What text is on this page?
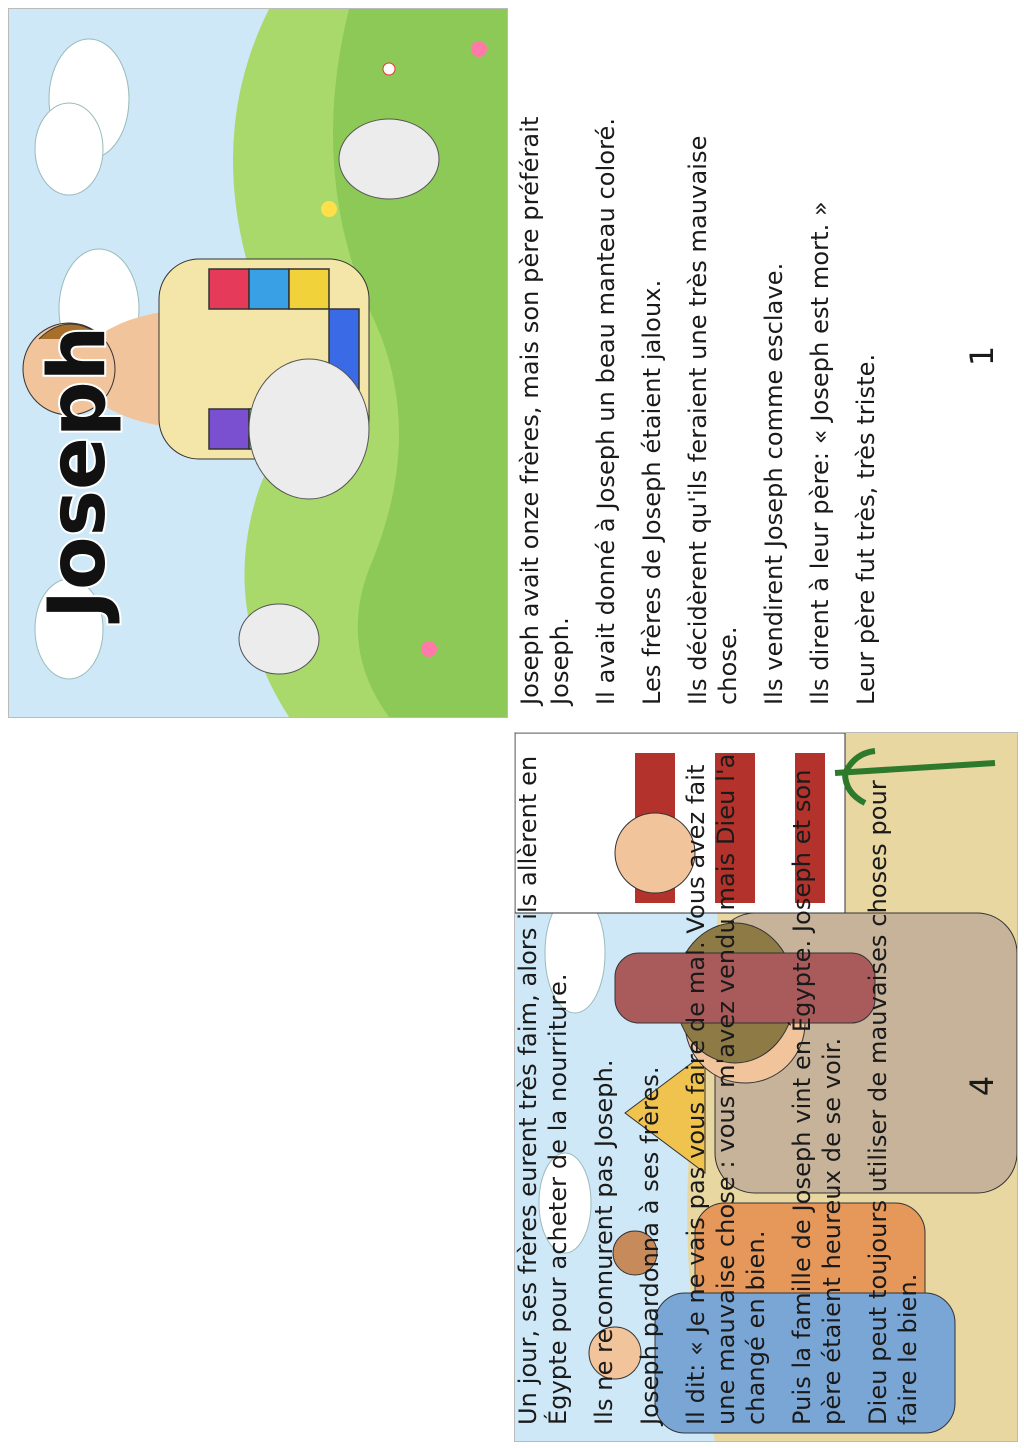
Joseph	Joseph avait onze frères, mais son père préférait Joseph. Il avait donné à Joseph un beau manteau coloré. Les frères de Joseph étaient jaloux. Ils décidèrent qu'ils feraient une très mauvaise chose. Ils vendirent Joseph comme esclave. Ils dirent à leur père: « Joseph est mort. » Leur père fut très, très triste.

Un jour, ses frères eurent très faim, alors ils allèrent en Égypte pour acheter de la nourriture. Ils ne reconnurent pas Joseph. Joseph pardonna à ses frères. Il dit: « Je ne vais pas vous faire de mal. Vous avez fait une mauvaise chose : vous m'avez vendu mais Dieu l'a changé en bien. Puis la famille de Joseph vint en Égypte. Joseph et son père étaient heureux de se voir. Dieu peut toujours utiliser de mauvaises choses pour faire le bien.

1
4
